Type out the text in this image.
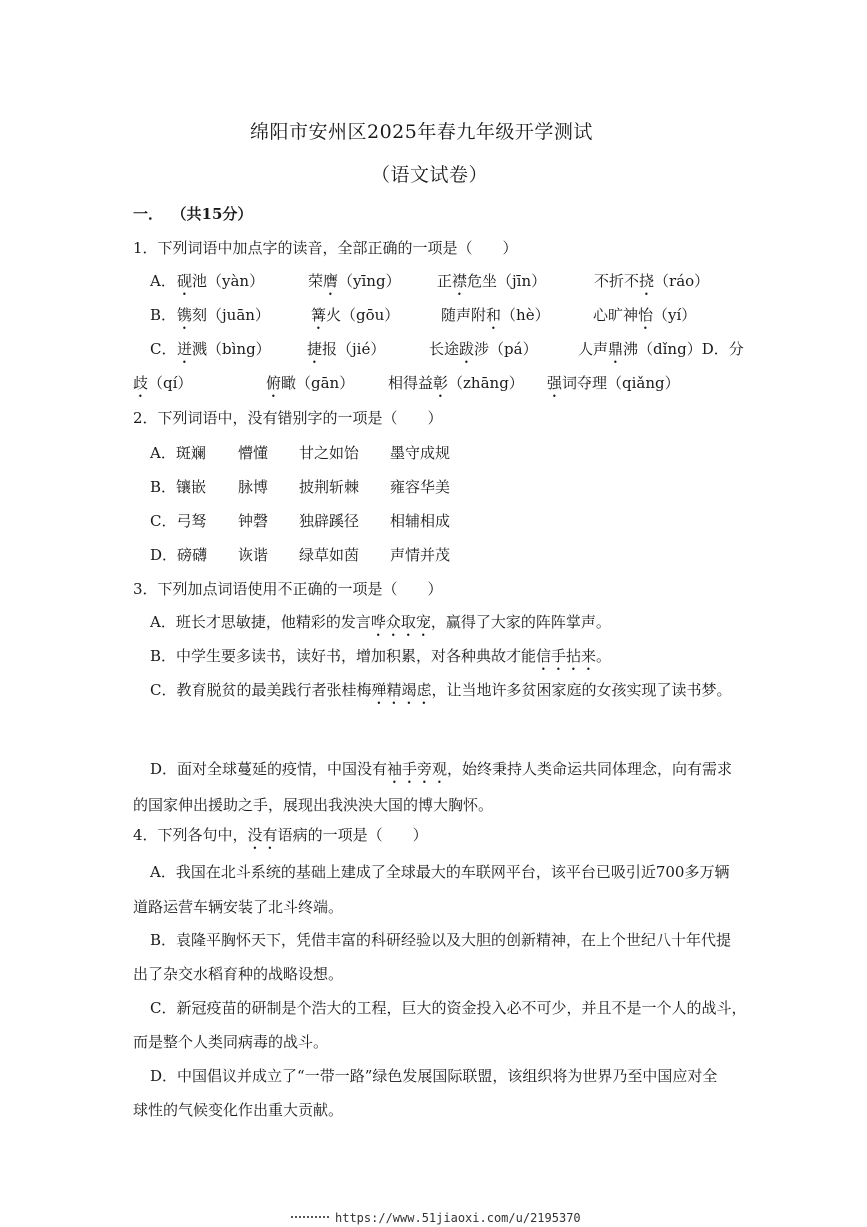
绵阳市安州区2025年春九年级开学测试
（语文试卷）
一． （共15分）
1．下列词语中加点字的读音，全部正确的一项是（　　）
A． 砚池（yàn）	荣膺（yīng） 正襟危坐（jīn）	不折不挠（ráo）
B． 镌刻（juān）	篝火（gōu）	随声附和（hè）	心旷神怡（yí）
C． 迸溅（bìng） 捷报（jié）	长途跋涉（pá）	人声鼎沸（dǐng）D．分
歧（qí）	俯瞰（gān） 相得益彰（zhāng） 强词夺理（qiǎng）
2．下列词语中，没有错别字的一项是（　　）
A．斑斓 懵懂 甘之如饴 墨守成规
B．镶嵌 脉博 披荆斩棘 雍容华美
C．弓驽 钟磬 独辟蹊径 相辅相成
D．磅礴 诙谐 绿草如茵 声情并茂
3．下列加点词语使用不正确的一项是（　　）
A．班长才思敏捷，他精彩的发言哗众取宠，赢得了大家的阵阵掌声。
B．中学生要多读书，读好书，增加积累，对各种典故才能信手拈来。
C．教育脱贫的最美践行者张桂梅殚精竭虑，让当地许多贫困家庭的女孩实现了读书梦。
D．面对全球蔓延的疫情，中国没有袖手旁观，始终秉持人类命运共同体理念，向有需求
的国家伸出援助之手，展现出我泱泱大国的博大胸怀。
4．下列各句中，没有语病的一项是（　　）
A．我国在北斗系统的基础上建成了全球最大的车联网平台，该平台已吸引近700多万辆
道路运营车辆安装了北斗终端。
B．袁隆平胸怀天下，凭借丰富的科研经验以及大胆的创新精神，在上个世纪八十年代提
出了杂交水稻育种的战略设想。
C．新冠疫苗的研制是个浩大的工程，巨大的资金投入必不可少，并且不是一个人的战斗，
而是整个人类同病毒的战斗。
D．中国倡议并成立了“一带一路”绿色发展国际联盟，该组织将为世界乃至中国应对全
球性的气候变化作出重大贡献。
https://www.51jiaoxi.com/u/2195370
